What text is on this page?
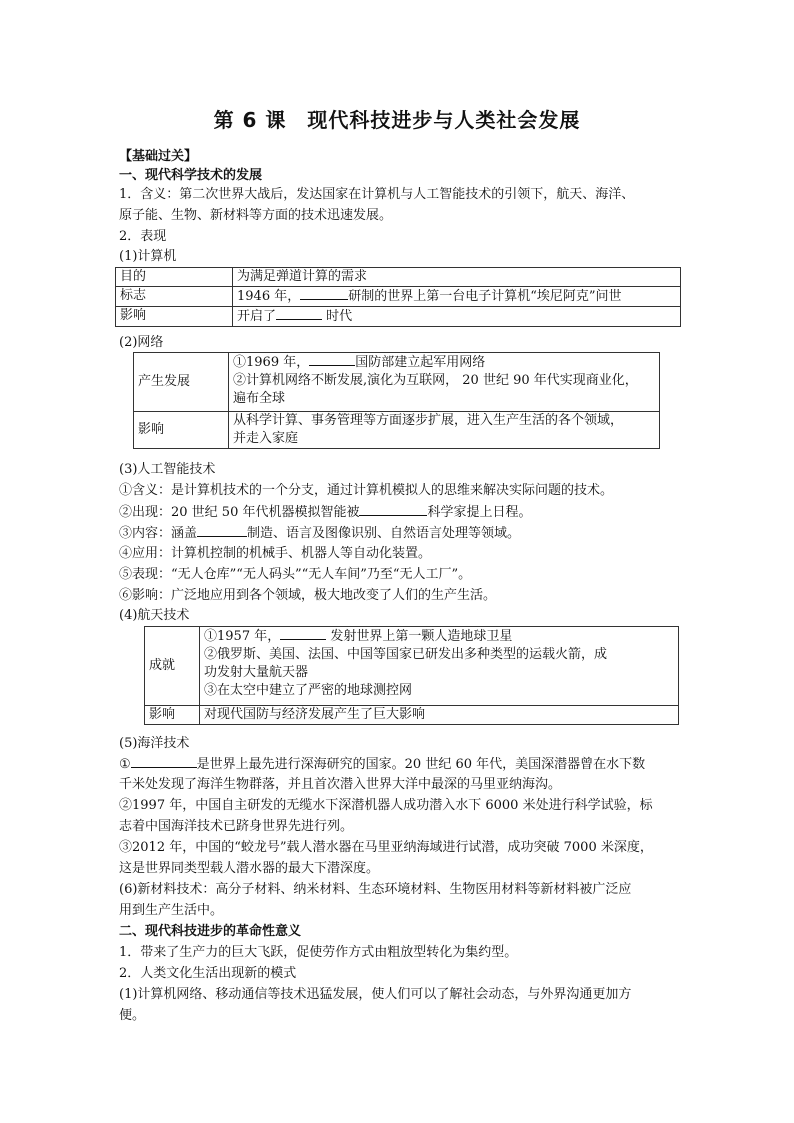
第 6 课　现代科技进步与人类社会发展
【基础过关】
一、现代科学技术的发展
1．含义：第二次世界大战后，发达国家在计算机与人工智能技术的引领下，航天、海洋、
原子能、生物、新材料等方面的技术迅速发展。
2．表现
(1)计算机
目的	为满足弹道计算的需求
标志	1946 年， 研制的世界上第一台电子计算机“埃尼阿克”问世
影响	开启了 时代
(2)网络
产生发展	①1969 年， 国防部建立起军用网络
②计算机网络不断发展,演化为互联网， 20 世纪 90 年代实现商业化，
遍布全球

影响	从科学计算、事务管理等方面逐步扩展，进入生产生活的各个领域，
并走入家庭
(3)人工智能技术
①含义：是计算机技术的一个分支，通过计算机模拟人的思维来解决实际问题的技术。
②出现：20 世纪 50 年代机器模拟智能被	科学家提上日程。
③内容：涵盖	制造、语言及图像识别、自然语言处理等领域。
④应用：计算机控制的机械手、机器人等自动化装置。
⑤表现：“无人仓库”“无人码头”“无人车间”乃至“无人工厂”。
⑥影响：广泛地应用到各个领域，极大地改变了人们的生产生活。
(4)航天技术
成就	①1957 年， 发射世界上第一颗人造地球卫星
②俄罗斯、美国、法国、中国等国家已研发出多种类型的运载火箭，成
功发射大量航天器
③在太空中建立了严密的地球测控网

影响	对现代国防与经济发展产生了巨大影响
(5)海洋技术
①	是世界上最先进行深海研究的国家。20 世纪 60 年代，美国深潜器曾在水下数
千米处发现了海洋生物群落，并且首次潜入世界大洋中最深的马里亚纳海沟。
②1997 年，中国自主研发的无缆水下深潜机器人成功潜入水下 6000 米处进行科学试验，标
志着中国海洋技术已跻身世界先进行列。
③2012 年，中国的“蛟龙号”载人潜水器在马里亚纳海域进行试潜，成功突破 7000 米深度，
这是世界同类型载人潜水器的最大下潜深度。
(6)新材料技术：高分子材料、纳米材料、生态环境材料、生物医用材料等新材料被广泛应
用到生产生活中。
二、现代科技进步的革命性意义
1．带来了生产力的巨大飞跃，促使劳作方式由粗放型转化为集约型。
2．人类文化生活出现新的模式
(1)计算机网络、移动通信等技术迅猛发展，使人们可以了解社会动态，与外界沟通更加方
便。
